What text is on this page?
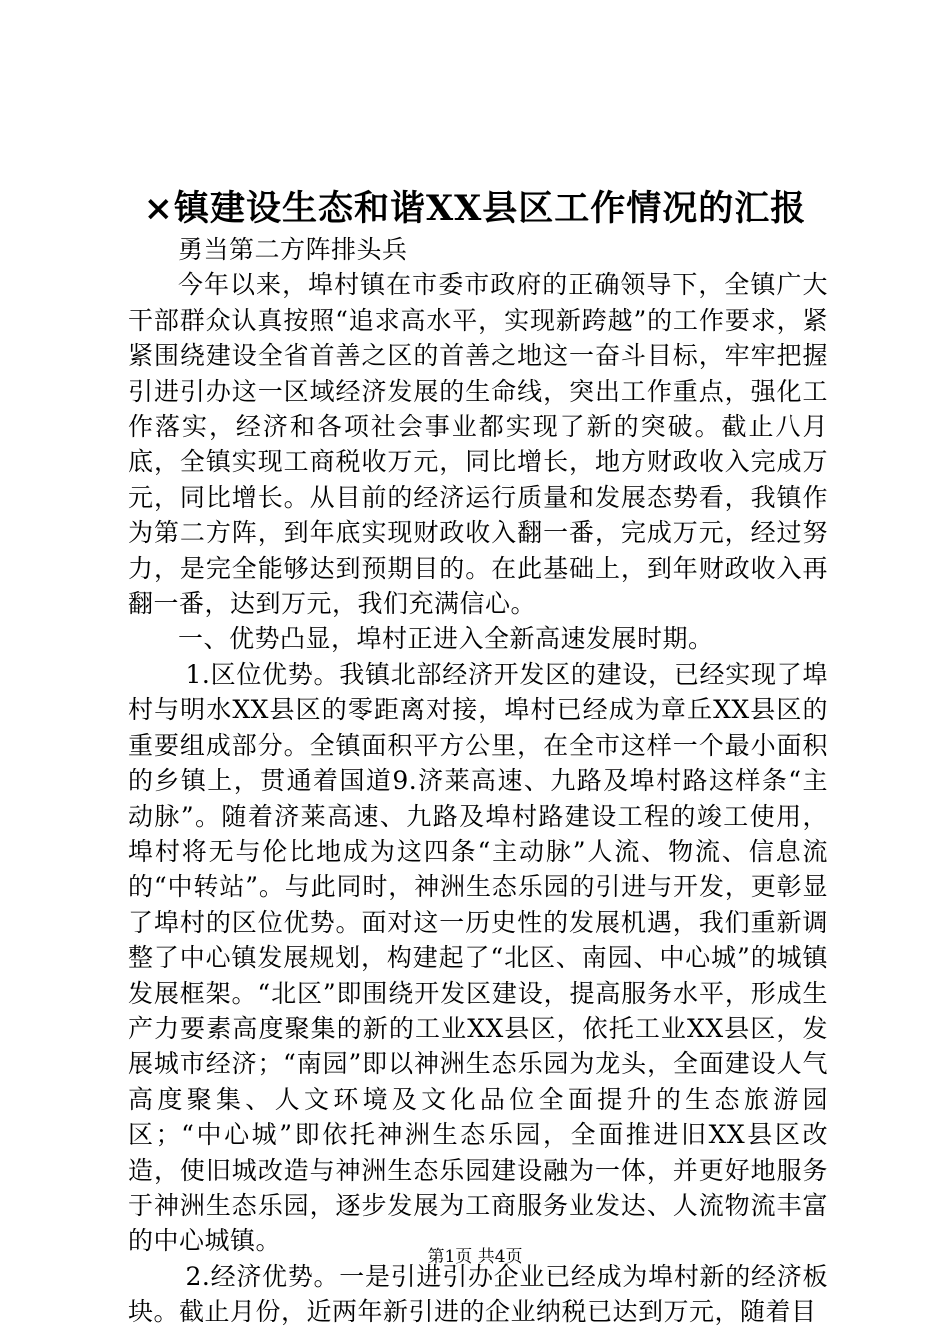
×镇建设生态和谐XX县区工作情况的汇报

勇当第二方阵排头兵

今年以来，埠村镇在市委市政府的正确领导下，全镇广大干部群众认真按照“追求高水平，实现新跨越”的工作要求，紧紧围绕建设全省首善之区的首善之地这一奋斗目标，牢牢把握引进引办这一区域经济发展的生命线，突出工作重点，强化工作落实，经济和各项社会事业都实现了新的突破。截止八月底，全镇实现工商税收万元，同比增长，地方财政收入完成万元，同比增长。从目前的经济运行质量和发展态势看，我镇作为第二方阵，到年底实现财政收入翻一番，完成万元，经过努力，是完全能够达到预期目的。在此基础上，到年财政收入再翻一番，达到万元，我们充满信心。

一、优势凸显，埠村正进入全新高速发展时期。

1.区位优势。我镇北部经济开发区的建设，已经实现了埠村与明水XX县区的零距离对接，埠村已经成为章丘XX县区的重要组成部分。全镇面积平方公里，在全市这样一个最小面积的乡镇上，贯通着国道9.济莱高速、九路及埠村路这样条“主动脉”。随着济莱高速、九路及埠村路建设工程的竣工使用，埠村将无与伦比地成为这四条“主动脉”人流、物流、信息流的“中转站”。与此同时，神洲生态乐园的引进与开发，更彰显了埠村的区位优势。面对这一历史性的发展机遇，我们重新调整了中心镇发展规划，构建起了“北区、南园、中心城”的城镇发展框架。“北区”即围绕开发区建设，提高服务水平，形成生产力要素高度聚集的新的工业XX县区，依托工业XX县区，发展城市经济；“南园”即以神洲生态乐园为龙头，全面建设人气高度聚集、人文环境及文化品位全面提升的生态旅游园区；“中心城”即依托神洲生态乐园，全面推进旧XX县区改造，使旧城改造与神洲生态乐园建设融为一体，并更好地服务于神洲生态乐园，逐步发展为工商服务业发达、人流物流丰富的中心城镇。

2.经济优势。一是引进引办企业已经成为埠村新的经济板块。截止月份，近两年新引进的企业纳税已达到万元，随着目

第1页 共4页
